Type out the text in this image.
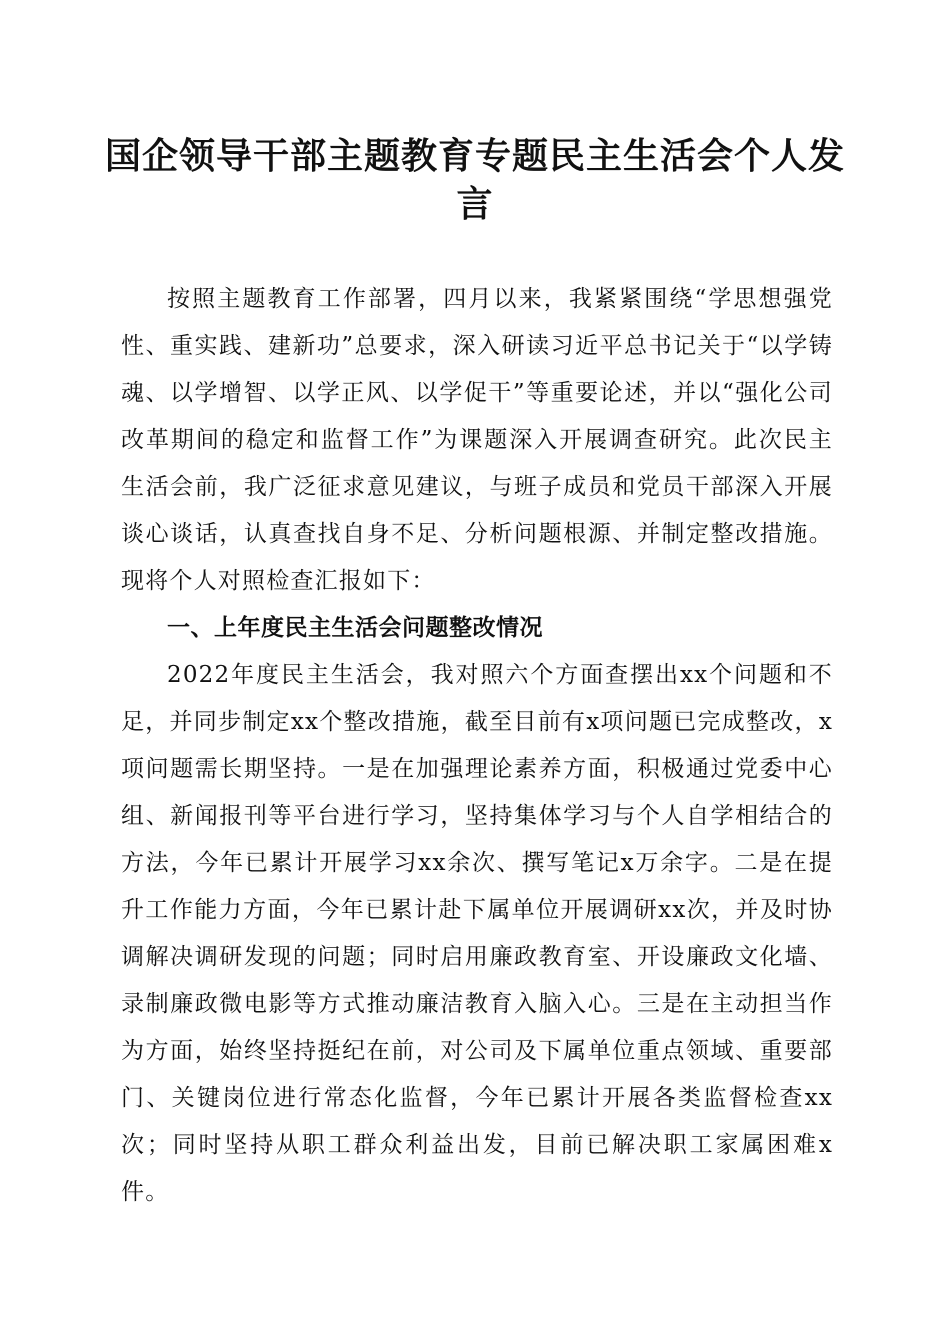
国企领导干部主题教育专题民主生活会个人发言

按照主题教育工作部署，四月以来，我紧紧围绕“学思想强党性、重实践、建新功”总要求，深入研读习近平总书记关于“以学铸魂、以学增智、以学正风、以学促干”等重要论述，并以“强化公司改革期间的稳定和监督工作”为课题深入开展调查研究。此次民主生活会前，我广泛征求意见建议，与班子成员和党员干部深入开展谈心谈话，认真查找自身不足、分析问题根源、并制定整改措施。现将个人对照检查汇报如下：

一、上年度民主生活会问题整改情况

2022年度民主生活会，我对照六个方面查摆出xx个问题和不足，并同步制定xx个整改措施，截至目前有x项问题已完成整改，x项问题需长期坚持。一是在加强理论素养方面，积极通过党委中心组、新闻报刊等平台进行学习，坚持集体学习与个人自学相结合的方法，今年已累计开展学习xx余次、撰写笔记x万余字。二是在提升工作能力方面，今年已累计赴下属单位开展调研xx次，并及时协调解决调研发现的问题；同时启用廉政教育室、开设廉政文化墙、录制廉政微电影等方式推动廉洁教育入脑入心。三是在主动担当作为方面，始终坚持挺纪在前，对公司及下属单位重点领域、重要部门、关键岗位进行常态化监督，今年已累计开展各类监督检查xx次；同时坚持从职工群众利益出发，目前已解决职工家属困难x件。
